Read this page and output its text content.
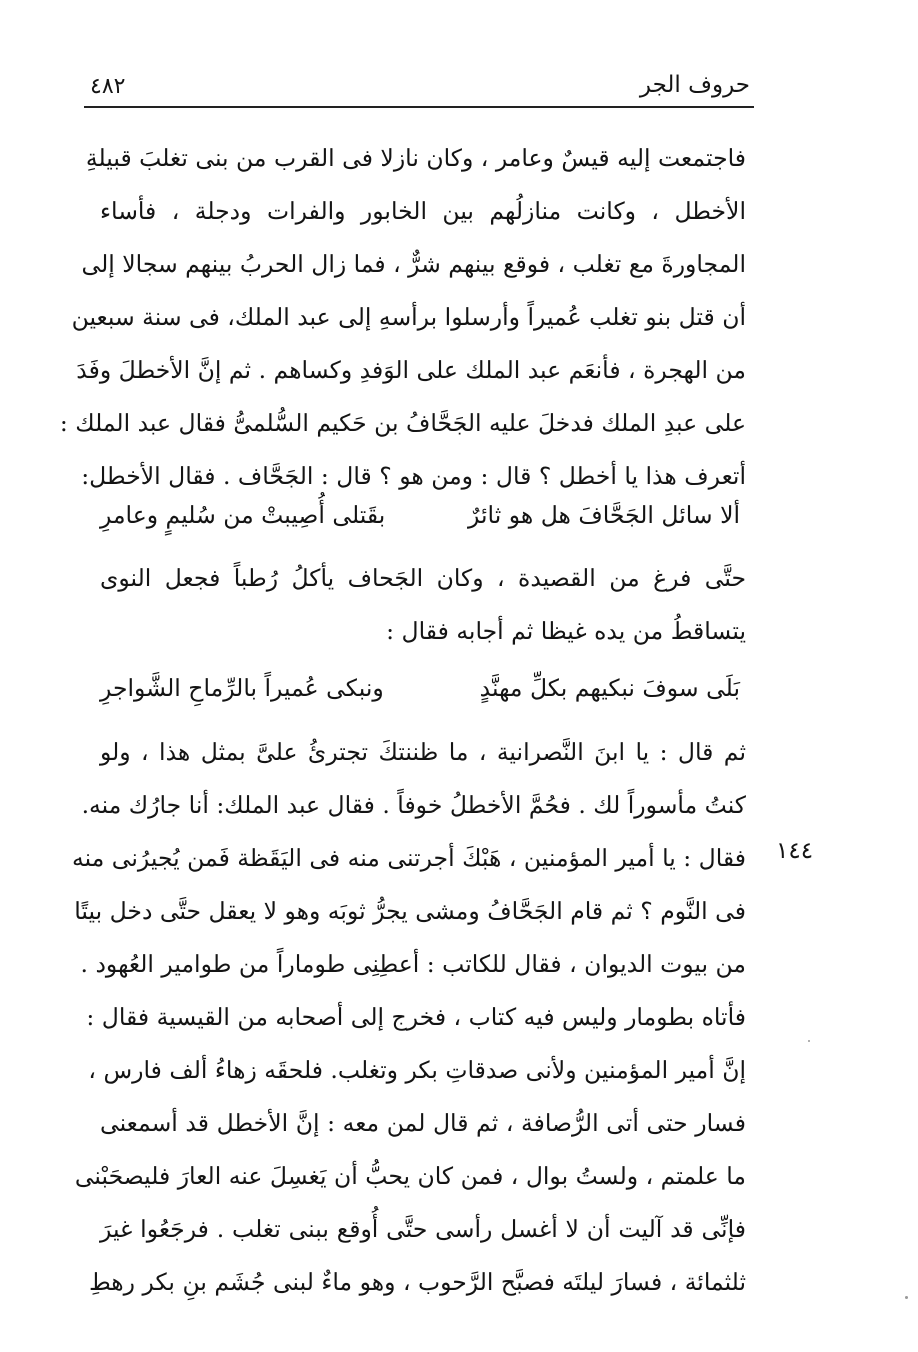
٤٨٢	حروف الجر
فاجتمعت إليه قيسٌ وعامر ، وكان نازلا فى القرب من بنى تغلبَ قبيلةِ
الأخطل ، وكانت منازلُهم بين الخابور والفرات ودجلة ، فأساء
المجاورةَ مع تغلب ، فوقع بينهم شرٌّ ، فما زال الحربُ بينهم سجالا إلى
أن قتل بنو تغلب عُميراً وأرسلوا برأسهِ إلى عبد الملك، فى سنة سبعين
من الهجرة ، فأنعَم عبد الملك على الوَفدِ وكساهم . ثم إنَّ الأخطلَ وفَدَ
على عبدِ الملك فدخلَ عليه الجَحَّافُ بن حَكيم السُّلمىُّ فقال عبد الملك :
أتعرف هذا يا أخطل ؟ قال : ومن هو ؟ قال : الجَحَّاف . فقال الأخطل:
ألا سائل الجَحَّافَ هل هو ثائرٌ
بقَتلى أُصِيبتْ من سُليمٍ وعامرِ
حتَّى فرغ من القصيدة ، وكان الجَحاف يأكلُ رُطباً فجعل النوى
يتساقطُ من يده غيظا ثم أجابه فقال :
بَلَى سوفَ نبكيهم بكلِّ مهنَّدٍ
ونبكى عُميراً بالرِّماحِ الشَّواجرِ
ثم قال : يا ابنَ النَّصرانية ، ما ظننتكَ تجترئُ علىَّ بمثل هذا ، ولو
كنتُ مأسوراً لك . فحُمَّ الأخطلُ خوفاً . فقال عبد الملك: أنا جارُك منه.
فقال : يا أمير المؤمنين ، هَبْكَ أجرتنى منه فى اليَقَظة فَمن يُجيرُنى منه
فى النَّوم ؟ ثم قام الجَحَّافُ ومشى يجرُّ ثوبَه وهو لا يعقل حتَّى دخل بيتًا
من بيوت الديوان ، فقال للكاتب : أعطِنِى طوماراً من طوامير العُهود .
فأتاه بطومار وليس فيه كتاب ، فخرج إلى أصحابه من القيسية فقال :
إنَّ أمير المؤمنين ولأنى صدقاتِ بكر وتغلب. فلحقَه زهاءُ ألف فارس ،
فسار حتى أتى الرُّصافة ، ثم قال لمن معه : إنَّ الأخطل قد أسمعنى
ما علمتم ، ولستُ بوال ، فمن كان يحبُّ أن يَغسِلَ عنه العارَ فليصحَبْنى
فإنِّى قد آليت أن لا أغسل رأسى حتَّى أُوقع ببنى تغلب . فرجَعُوا غيرَ
ثلثمائة ، فسارَ ليلتَه فصبَّح الرَّحوب ، وهو ماءٌ لبنى جُشَم بنِ بكر رهطِ
١٤٤
